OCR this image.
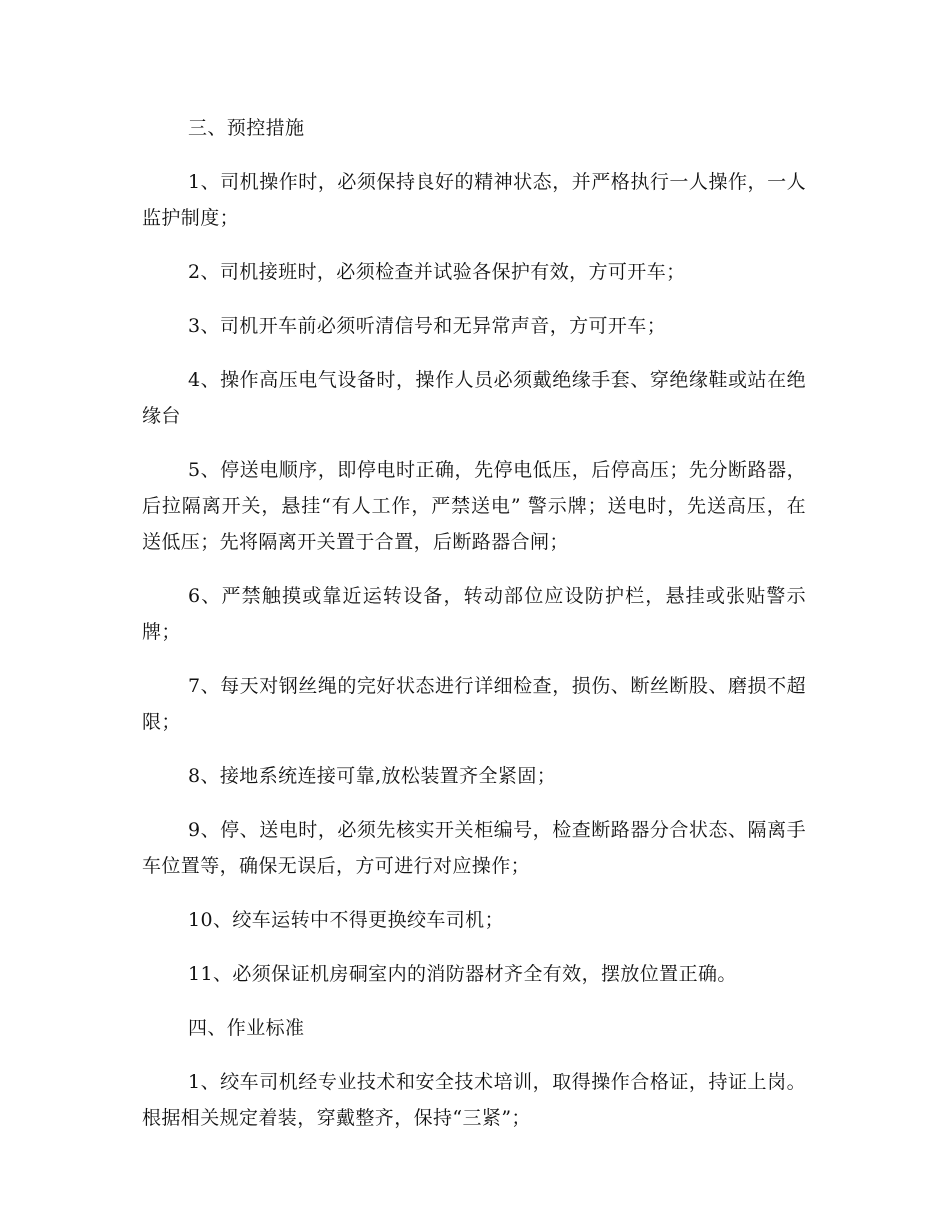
三、预控措施

1、司机操作时，必须保持良好的精神状态，并严格执行一人操作，一人监护制度；

2、司机接班时，必须检查并试验各保护有效，方可开车；

3、司机开车前必须听清信号和无异常声音，方可开车；

4、操作高压电气设备时，操作人员必须戴绝缘手套、穿绝缘鞋或站在绝缘台

5、停送电顺序，即停电时正确，先停电低压，后停高压；先分断路器，后拉隔离开关，悬挂“有人工作，严禁送电” 警示牌；送电时，先送高压，在送低压；先将隔离开关置于合置，后断路器合闸；

6、严禁触摸或靠近运转设备，转动部位应设防护栏，悬挂或张贴警示牌；

7、每天对钢丝绳的完好状态进行详细检查，损伤、断丝断股、磨损不超限；

8、接地系统连接可靠,放松装置齐全紧固；

9、停、送电时，必须先核实开关柜编号，检查断路器分合状态、隔离手车位置等，确保无误后，方可进行对应操作；

10、绞车运转中不得更换绞车司机；

11、必须保证机房硐室内的消防器材齐全有效，摆放位置正确。

四、作业标准

1、绞车司机经专业技术和安全技术培训，取得操作合格证，持证上岗。根据相关规定着装，穿戴整齐，保持“三紧”；
